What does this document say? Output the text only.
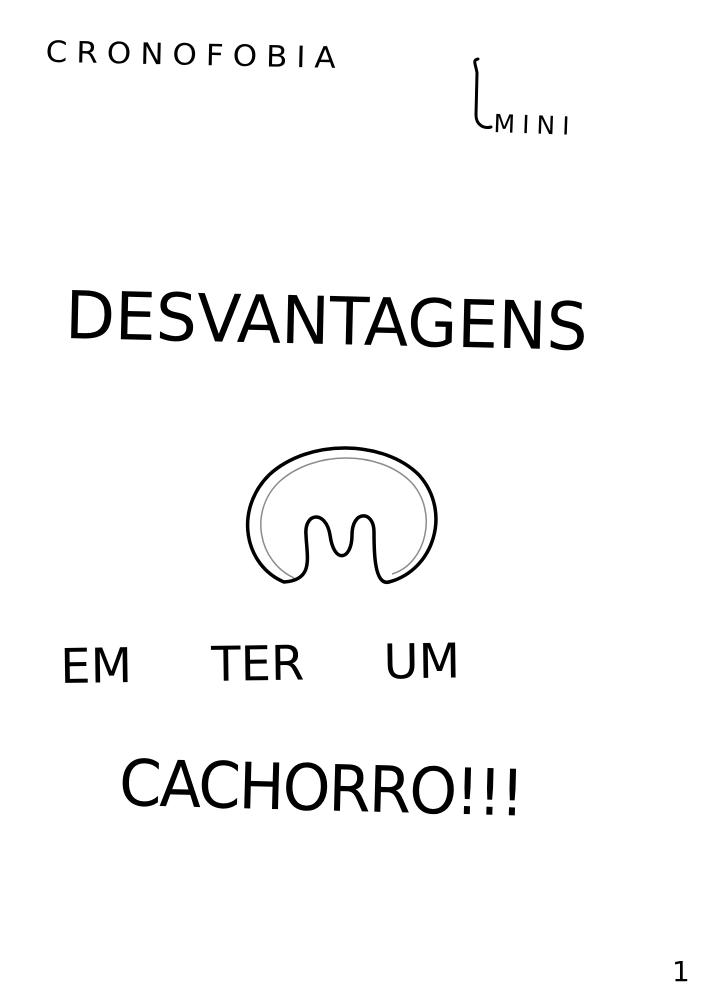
CRONOFOBIA
MINI
DESVANTAGENS
EM TER UM
CACHORRO!!!
1
